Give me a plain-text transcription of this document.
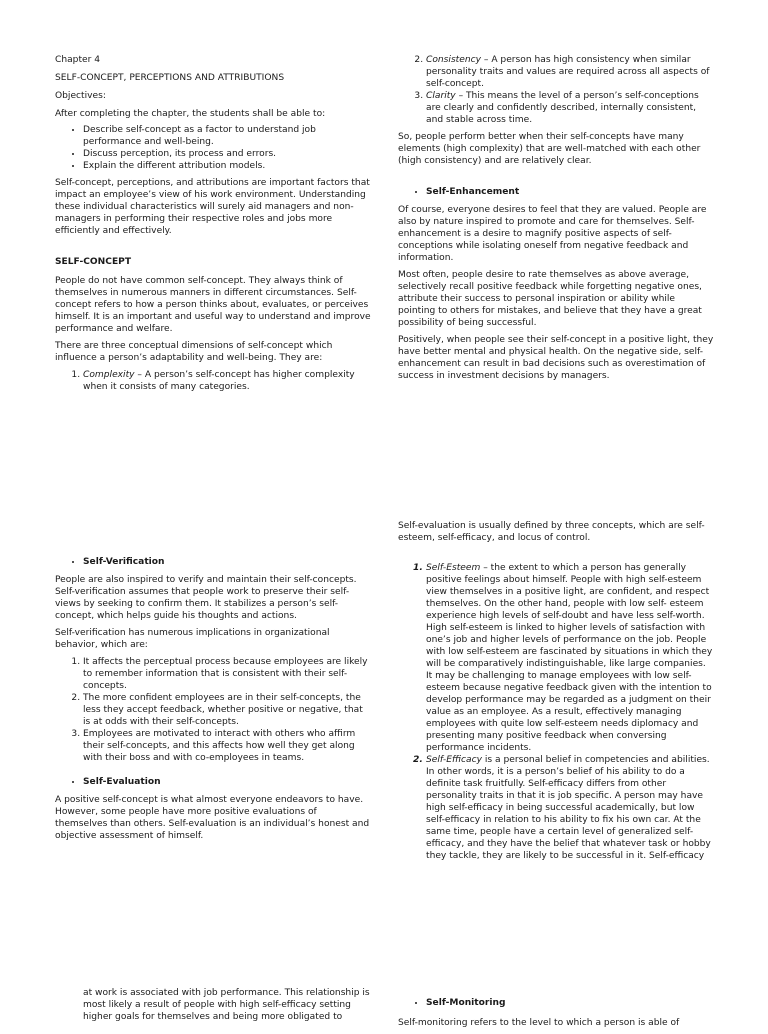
Chapter 4

SELF-CONCEPT, PERCEPTIONS AND ATTRIBUTIONS

Objectives:

After completing the chapter, the students shall be able to:

• Describe self-concept as a factor to understand job performance and well-being.
• Discuss perception, its process and errors.
• Explain the different attribution models.

Self-concept, perceptions, and attributions are important factors that impact an employee’s view of his work environment. Understanding these individual characteristics will surely aid managers and non-managers in performing their respective roles and jobs more efficiently and effectively.

SELF-CONCEPT

People do not have common self-concept. They always think of themselves in numerous manners in different circumstances. Self-concept refers to how a person thinks about, evaluates, or perceives himself. It is an important and useful way to understand and improve performance and welfare.

There are three conceptual dimensions of self-concept which influence a person’s adaptability and well-being. They are:

1. Complexity – A person’s self-concept has higher complexity when it consists of many categories.
2. Consistency – A person has high consistency when similar personality traits and values are required across all aspects of self-concept.
3. Clarity – This means the level of a person’s self-conceptions are clearly and confidently described, internally consistent, and stable across time.

So, people perform better when their self-concepts have many elements (high complexity) that are well-matched with each other (high consistency) and are relatively clear.

Self-Enhancement

Of course, everyone desires to feel that they are valued. People are also by nature inspired to promote and care for themselves. Self-enhancement is a desire to magnify positive aspects of self-conceptions while isolating oneself from negative feedback and information.

Most often, people desire to rate themselves as above average, selectively recall positive feedback while forgetting negative ones, attribute their success to personal inspiration or ability while pointing to others for mistakes, and believe that they have a great possibility of being successful.

Positively, when people see their self-concept in a positive light, they have better mental and physical health. On the negative side, self-enhancement can result in bad decisions such as overestimation of success in investment decisions by managers.

Self-Verification

People are also inspired to verify and maintain their self-concepts. Self-verification assumes that people work to preserve their self-views by seeking to confirm them. It stabilizes a person’s self-concept, which helps guide his thoughts and actions.

Self-verification has numerous implications in organizational behavior, which are:

1. It affects the perceptual process because employees are likely to remember information that is consistent with their self-concepts.
2. The more confident employees are in their self-concepts, the less they accept feedback, whether positive or negative, that is at odds with their self-concepts.
3. Employees are motivated to interact with others who affirm their self-concepts, and this affects how well they get along with their boss and with co-employees in teams.
Self-Evaluation

A positive self-concept is what almost everyone endeavors to have. However, some people have more positive evaluations of themselves than others. Self-evaluation is an individual’s honest and objective assessment of himself.

Self-evaluation is usually defined by three concepts, which are self-esteem, self-efficacy, and locus of control.

1. Self-Esteem – the extent to which a person has generally positive feelings about himself. People with high self-esteem view themselves in a positive light, are confident, and respect themselves. On the other hand, people with low self- esteem experience high levels of self-doubt and have less self-worth. High self-esteem is linked to higher levels of satisfaction with one’s job and higher levels of performance on the job. People with low self-esteem are fascinated by situations in which they will be comparatively indistinguishable, like large companies. It may be challenging to manage employees with low self-esteem because negative feedback given with the intention to develop performance may be regarded as a judgment on their value as an employee. As a result, effectively managing employees with quite low self-esteem needs diplomacy and presenting many positive feedback when conversing performance incidents.
2. Self-Efficacy is a personal belief in competencies and abilities. In other words, it is a person’s belief of his ability to do a definite task fruitfully. Self-efficacy differs from other personality traits in that it is job specific. A person may have high self-efficacy in being successful academically, but low self-efficacy in relation to his ability to fix his own car. At the same time, people have a certain level of generalized self-efficacy, and they have the belief that whatever task or hobby they tackle, they are likely to be successful in it. Self-efficacy

at work is associated with job performance. This relationship is most likely a result of people with high self-efficacy setting higher goals for themselves and being more obligated to

Self-Monitoring

Self-monitoring refers to the level to which a person is able of
